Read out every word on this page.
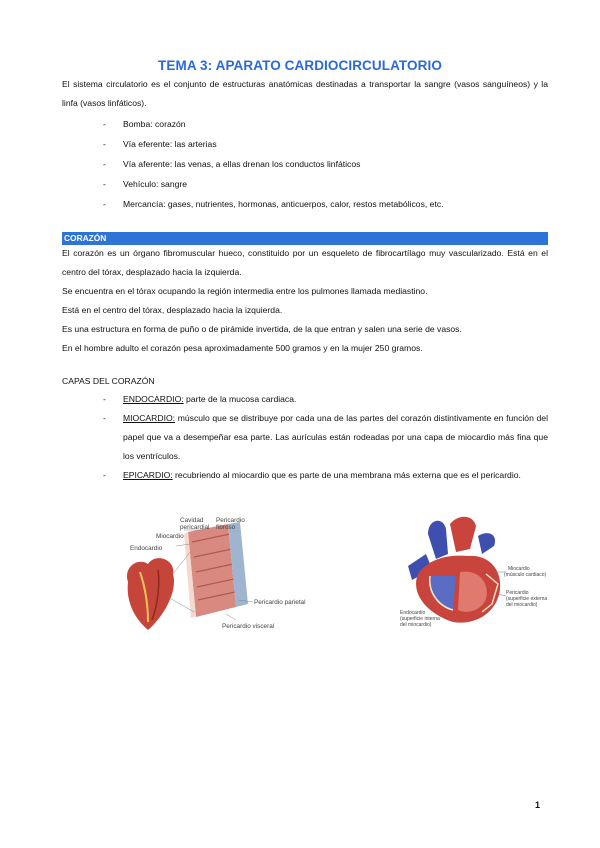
TEMA 3: APARATO CARDIOCIRCULATORIO

El sistema circulatorio es el conjunto de estructuras anatómicas destinadas a transportar la sangre (vasos sanguíneos) y la linfa (vasos linfáticos).

- Bomba: corazón
- Vía eferente: las arterias
- Vía aferente: las venas, a ellas drenan los conductos linfáticos
- Vehículo: sangre
- Mercancía: gases, nutrientes, hormonas, anticuerpos, calor, restos metabólicos, etc.
CORAZÓN

El corazón es un órgano fibromuscular hueco, constituido por un esqueleto de fibrocartílago muy vascularizado. Está en el centro del tórax, desplazado hacia la izquierda.

Se encuentra en el tórax ocupando la región intermedia entre los pulmones llamada mediastino.

Está en el centro del tórax, desplazado hacia la izquierda.

Es una estructura en forma de puño o de pirámide invertida, de la que entran y salen una serie de vasos.

En el hombre adulto el corazón pesa aproximadamente 500 gramos y en la mujer 250 gramos.

CAPAS DEL CORAZÓN
- ENDOCARDIO: parte de la mucosa cardiaca.
- MIOCARDIO: músculo que se distribuye por cada una de las partes del corazón distintivamente en función del papel que va a desempeñar esa parte. Las aurículas están rodeadas por una capa de miocardio más fina que los ventrículos.
- EPICARDIO: recubriendo al miocardio que es parte de una membrana más externa que es el pericardio.
Cavidad pericardial
Pericardio fibroso
Miocardio
Endocardio
Pericardio parietal
Pericardio visceral
Miocardio (músculo cardiaco)
Pericardio (superficie externa del miocardio)
Endocardio (superficie interna del miocardio)
1
